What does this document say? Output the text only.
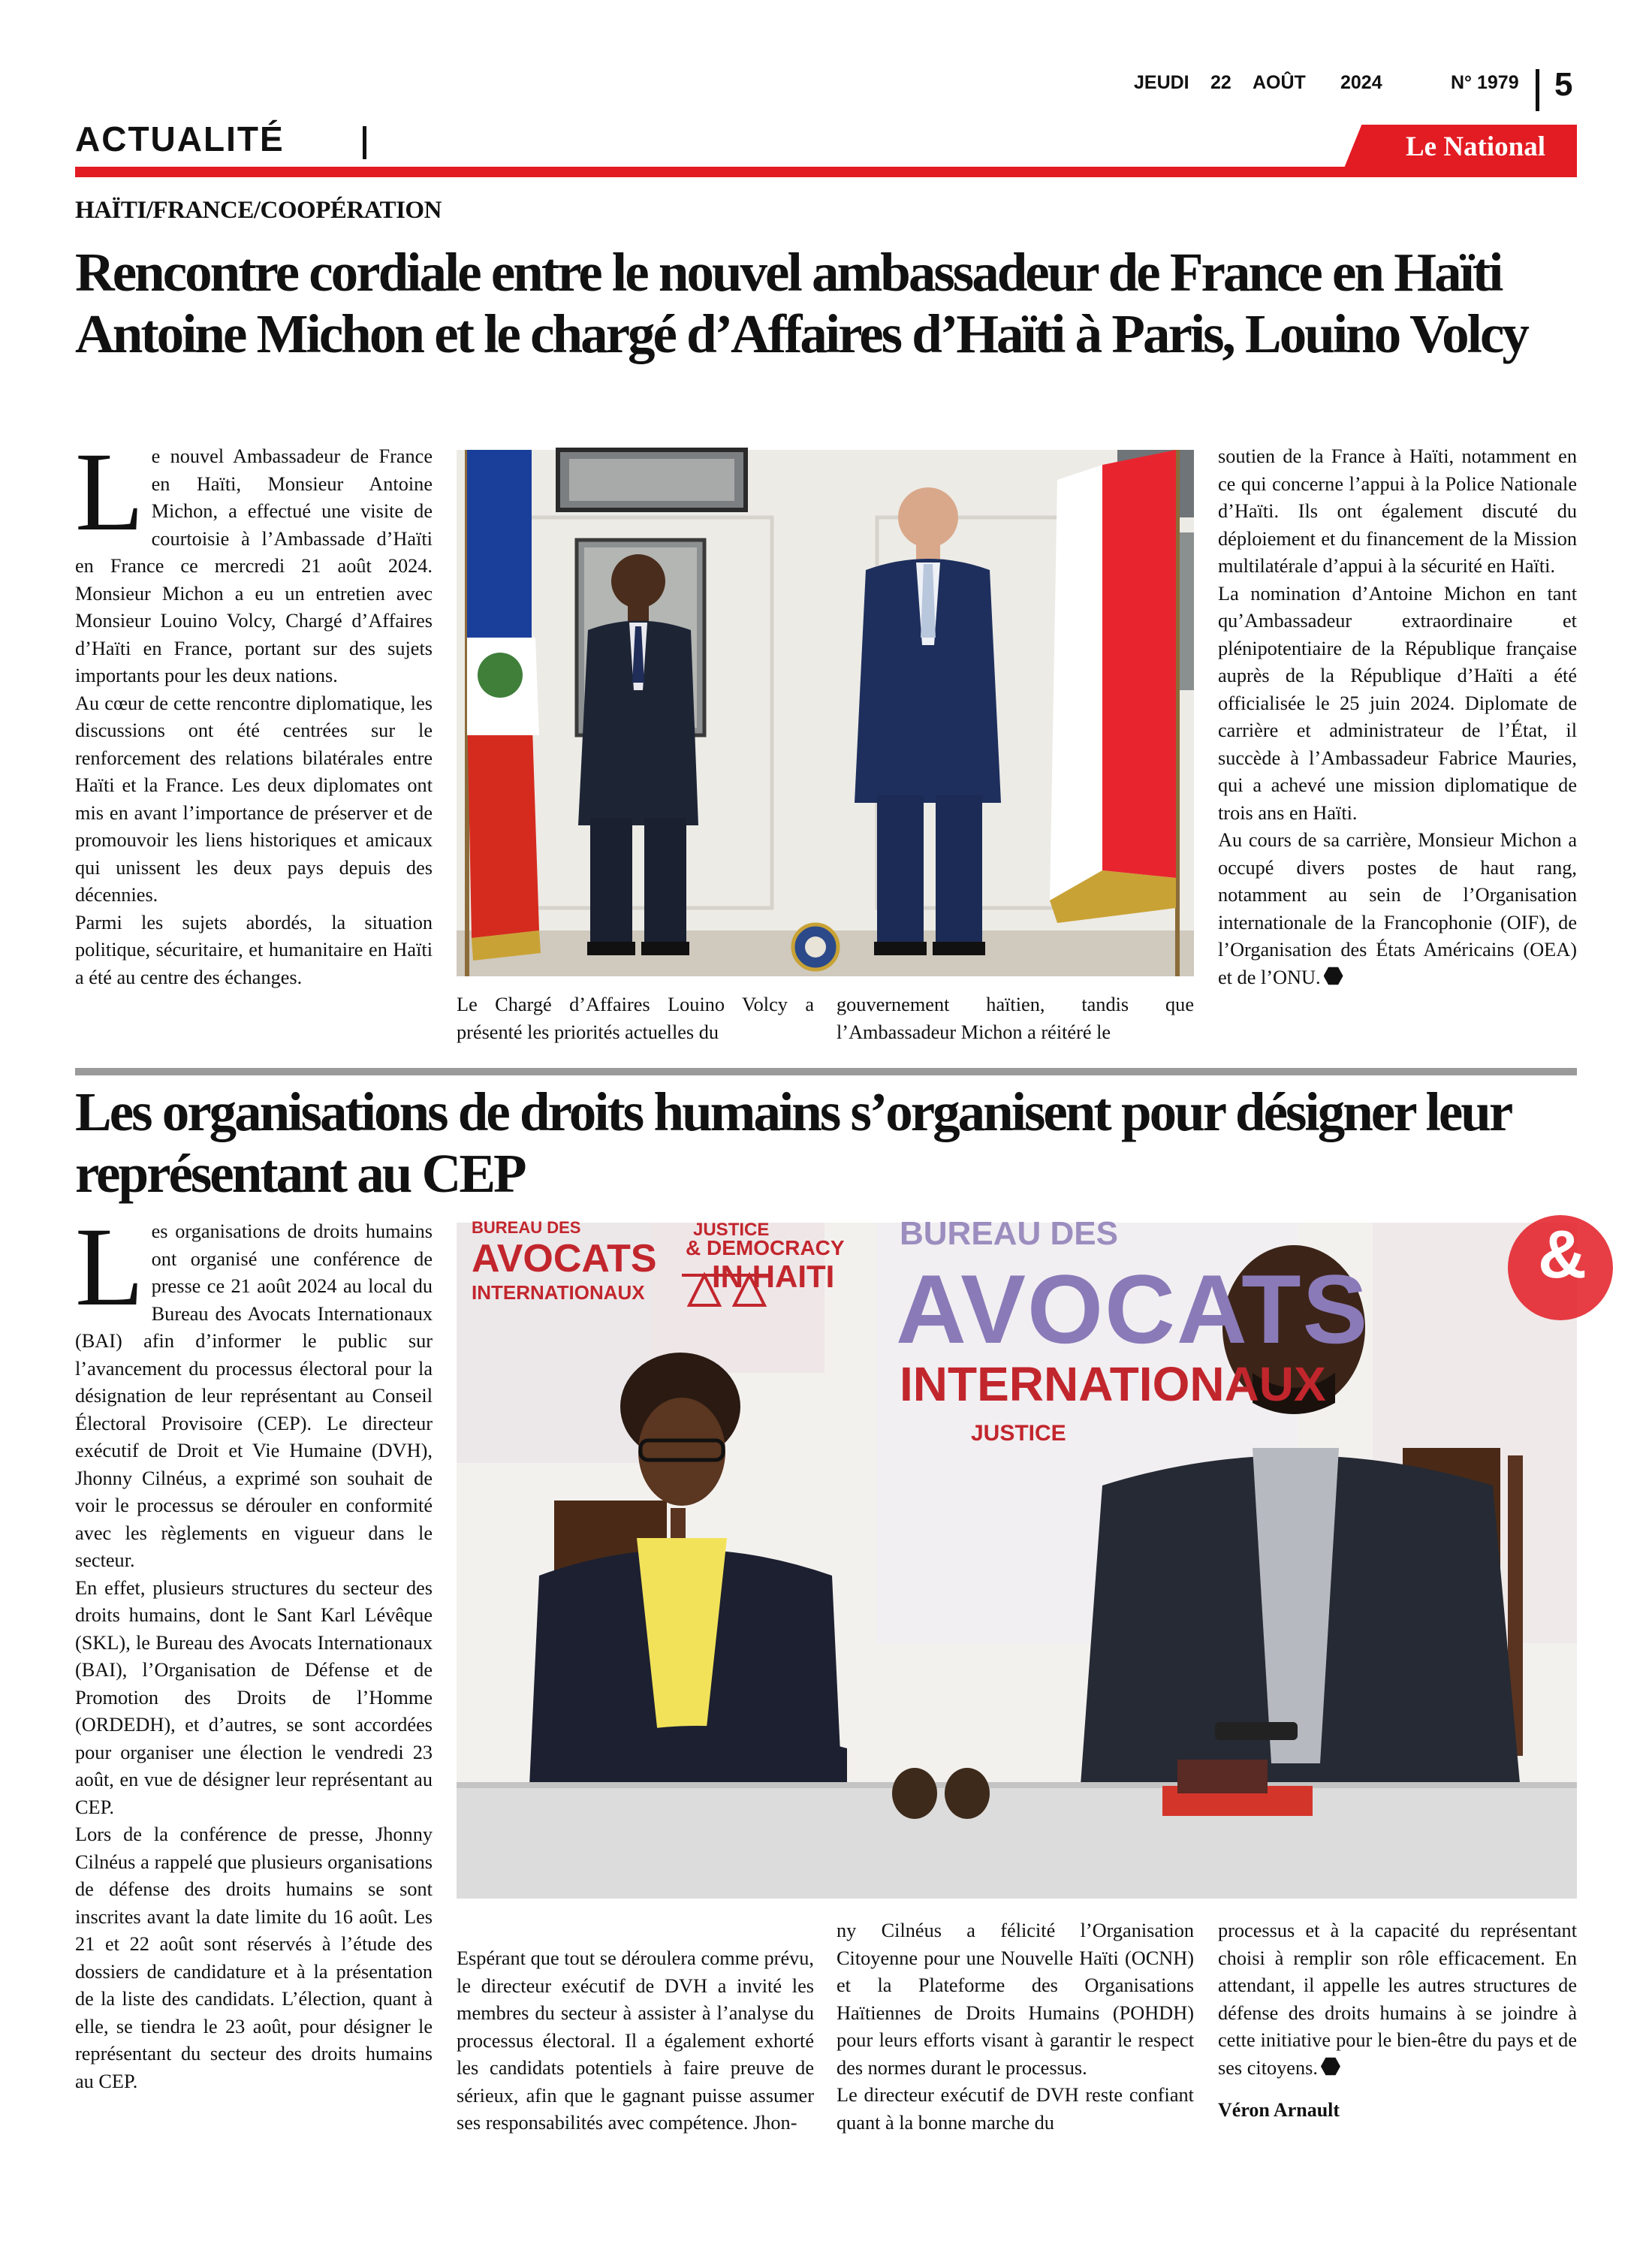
JEUDI 22 AOÛT 2024	N° 1979 5
ACTUALITÉ	Le National
HAÏTI/FRANCE/COOPÉRATION
Rencontre cordiale entre le nouvel ambassadeur de France en Haïti Antoine Michon et le chargé d’Affaires d’Haïti à Paris, Louino Volcy
L e nouvel Ambassadeur de France en Haïti, Monsieur Antoine Michon, a effectué une visite de courtoisie à l’Ambassade d’Haïti en France ce mercredi 21 août 2024. Monsieur Michon a eu un entretien avec Monsieur Louino Volcy, Chargé d’Affaires d’Haïti en France, portant sur des sujets importants pour les deux nations.

Au cœur de cette rencontre diplomatique, les discussions ont été centrées sur le renforcement des relations bilatérales entre Haïti et la France. Les deux diplomates ont mis en avant l’importance de préserver et de promouvoir les liens historiques et amicaux qui unissent les deux pays depuis des décennies.

Parmi les sujets abordés, la situation politique, sécuritaire, et humanitaire en Haïti a été au centre des échanges.

Le Chargé d’Affaires Louino Volcy a présenté les priorités actuelles du

gouvernement haïtien, tandis que l’Ambassadeur Michon a réitéré le

soutien de la France à Haïti, notamment en ce qui concerne l’appui à la Police Nationale d’Haïti. Ils ont également discuté du déploiement et du financement de la Mission multilatérale d’appui à la sécurité en Haïti.

La nomination d’Antoine Michon en tant qu’Ambassadeur extraordinaire et plénipotentiaire de la République française auprès de la République d’Haïti a été officialisée le 25 juin 2024. Diplomate de carrière et administrateur de l’État, il succède à l’Ambassadeur Fabrice Mauries, qui a achevé une mission diplomatique de trois ans en Haïti.

Au cours de sa carrière, Monsieur Michon a occupé divers postes de haut rang, notamment au sein de l’Organisation internationale de la Francophonie (OIF), de l’Organisation des États Américains (OEA) et de l’ONU.

Les organisations de droits humains s’organisent pour désigner leur représentant au CEP
L es organisations de droits humains ont organisé une conférence de presse ce 21 août 2024 au local du Bureau des Avocats Internationaux (BAI) afin d’informer le public sur l’avancement du processus électoral pour la désignation de leur représentant au Conseil Électoral Provisoire (CEP). Le directeur exécutif de Droit et Vie Humaine (DVH), Jhonny Cilnéus, a exprimé son souhait de voir le processus se dérouler en conformité avec les règlements en vigueur dans le secteur.

En effet, plusieurs structures du secteur des droits humains, dont le Sant Karl Lévêque (SKL), le Bureau des Avocats Internationaux (BAI), l’Organisation de Défense et de Promotion des Droits de l’Homme (ORDEDH), et d’autres, se sont accordées pour organiser une élection le vendredi 23 août, en vue de désigner leur représentant au CEP.

Lors de la conférence de presse, Jhonny Cilnéus a rappelé que plusieurs organisations de défense des droits humains se sont inscrites avant la date limite du 16 août. Les 21 et 22 août sont réservés à l’étude des dossiers de candidature et à la présentation de la liste des candidats. L’élection, quant à elle, se tiendra le 23 août, pour désigner le représentant du secteur des droits humains au CEP.

BUREAU DES
AVOCATS
INTERNATIONAUX
JUSTICE
& DEMOCRACY
IN HAITI
BUREAU DES
AVOCATS
INTERNATIONAUX
JUSTICE
&

Espérant que tout se déroulera comme prévu, le directeur exécutif de DVH a invité les membres du secteur à assister à l’analyse du processus électoral. Il a également exhorté les candidats potentiels à faire preuve de sérieux, afin que le gagnant puisse assumer ses responsabilités avec compétence. Jhon-

ny Cilnéus a félicité l’Organisation Citoyenne pour une Nouvelle Haïti (OCNH) et la Plateforme des Organisations Haïtiennes de Droits Humains (POHDH) pour leurs efforts visant à garantir le respect des normes durant le processus.

Le directeur exécutif de DVH reste confiant quant à la bonne marche du

processus et à la capacité du représentant choisi à remplir son rôle efficacement. En attendant, il appelle les autres structures de défense des droits humains à se joindre à cette initiative pour le bien-être du pays et de ses citoyens.

Véron Arnault
